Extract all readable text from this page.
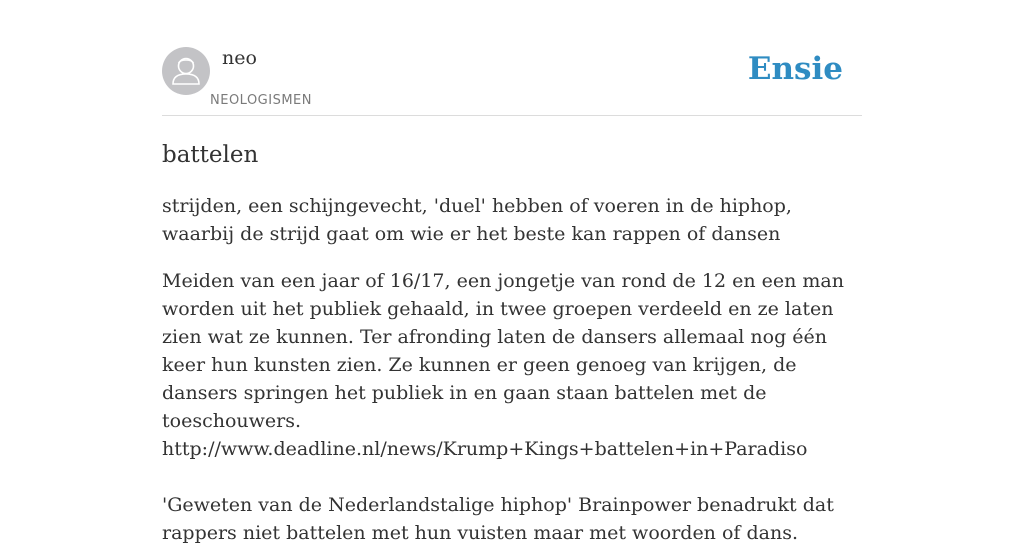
neo
NEOLOGISMEN
Ensie
battelen

strijden, een schijngevecht, 'duel' hebben of voeren in de hiphop, waarbij de strijd gaat om wie er het beste kan rappen of dansen

Meiden van een jaar of 16/17, een jongetje van rond de 12 en een man worden uit het publiek gehaald, in twee groepen verdeeld en ze laten zien wat ze kunnen. Ter afronding laten de dansers allemaal nog één keer hun kunsten zien. Ze kunnen er geen genoeg van krijgen, de dansers springen het publiek in en gaan staan battelen met de toeschouwers.

http://www.deadline.nl/news/Krump+Kings+battelen+in+Paradiso

'Geweten van de Nederlandstalige hiphop' Brainpower benadrukt dat rappers niet battelen met hun vuisten maar met woorden of dans.
